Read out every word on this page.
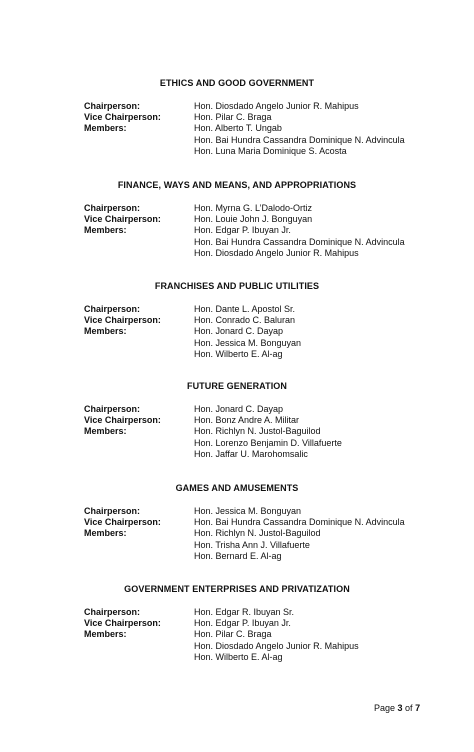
ETHICS AND GOOD GOVERNMENT
Chairperson:	Hon. Diosdado Angelo Junior R. Mahipus
Vice Chairperson:	Hon. Pilar C. Braga
Members:	Hon. Alberto T. Ungab
Hon. Bai Hundra Cassandra Dominique N. Advincula
Hon. Luna Maria Dominique S. Acosta
FINANCE, WAYS AND MEANS, AND APPROPRIATIONS
Chairperson:	Hon. Myrna G. L’Dalodo-Ortiz
Vice Chairperson:	Hon. Louie John J. Bonguyan
Members:	Hon. Edgar P. Ibuyan Jr.
Hon. Bai Hundra Cassandra Dominique N. Advincula
Hon. Diosdado Angelo Junior R. Mahipus
FRANCHISES AND PUBLIC UTILITIES
Chairperson:	Hon. Dante L. Apostol Sr.
Vice Chairperson:	Hon. Conrado C. Baluran
Members:	Hon. Jonard C. Dayap
Hon. Jessica M. Bonguyan
Hon. Wilberto E. Al-ag
FUTURE GENERATION
Chairperson:	Hon. Jonard C. Dayap
Vice Chairperson:	Hon. Bonz Andre A. Militar
Members:	Hon. Richlyn N. Justol-Baguilod
Hon. Lorenzo Benjamin D. Villafuerte
Hon. Jaffar U. Marohomsalic
GAMES AND AMUSEMENTS
Chairperson:	Hon. Jessica M. Bonguyan
Vice Chairperson:	Hon. Bai Hundra Cassandra Dominique N. Advincula
Members:	Hon. Richlyn N. Justol-Baguilod
Hon. Trisha Ann J. Villafuerte
Hon. Bernard E. Al-ag
GOVERNMENT ENTERPRISES AND PRIVATIZATION
Chairperson:	Hon. Edgar R. Ibuyan Sr.
Vice Chairperson:	Hon. Edgar P. Ibuyan Jr.
Members:	Hon. Pilar C. Braga
Hon. Diosdado Angelo Junior R. Mahipus
Hon. Wilberto E. Al-ag
Page 3 of 7
